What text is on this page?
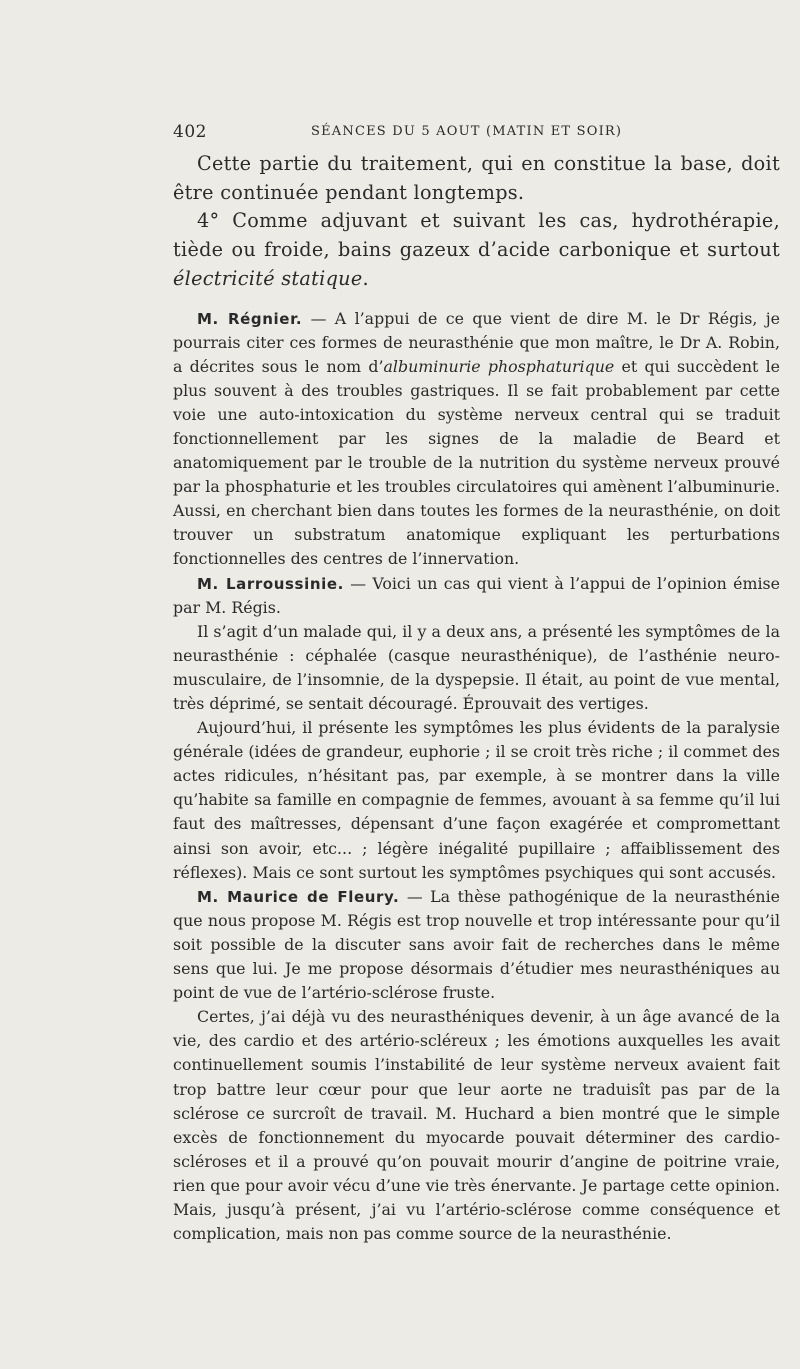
402	SÉANCES DU 5 AOUT (MATIN ET SOIR)

Cette partie du traitement, qui en constitue la base, doit être continuée pendant longtemps.

4° Comme adjuvant et suivant les cas, hydrothérapie, tiède ou froide, bains gazeux d’acide carbonique et surtout électricité statique.

M. Régnier. — A l’appui de ce que vient de dire M. le Dr Régis, je pourrais citer ces formes de neurasthénie que mon maître, le Dr A. Robin, a décrites sous le nom d’albuminurie phosphaturique et qui succèdent le plus souvent à des troubles gastriques. Il se fait probablement par cette voie une auto-intoxication du système nerveux central qui se traduit fonctionnellement par les signes de la maladie de Beard et anatomiquement par le trouble de la nutrition du système nerveux prouvé par la phosphaturie et les troubles circulatoires qui amènent l’albuminurie. Aussi, en cherchant bien dans toutes les formes de la neurasthénie, on doit trouver un substratum anatomique expliquant les perturbations fonctionnelles des centres de l’innervation.

M. Larroussinie. — Voici un cas qui vient à l’appui de l’opinion émise par M. Régis.

Il s’agit d’un malade qui, il y a deux ans, a présenté les symptômes de la neurasthénie : céphalée (casque neurasthénique), de l’asthénie neuro-musculaire, de l’insomnie, de la dyspepsie. Il était, au point de vue mental, très déprimé, se sentait découragé. Éprouvait des vertiges.

Aujourd’hui, il présente les symptômes les plus évidents de la paralysie générale (idées de grandeur, euphorie ; il se croit très riche ; il commet des actes ridicules, n’hésitant pas, par exemple, à se montrer dans la ville qu’habite sa famille en compagnie de femmes, avouant à sa femme qu’il lui faut des maîtresses, dépensant d’une façon exagérée et compromettant ainsi son avoir, etc... ; légère inégalité pupillaire ; affaiblissement des réflexes). Mais ce sont surtout les symptômes psychiques qui sont accusés.

M. Maurice de Fleury. — La thèse pathogénique de la neurasthénie que nous propose M. Régis est trop nouvelle et trop intéressante pour qu’il soit possible de la discuter sans avoir fait de recherches dans le même sens que lui. Je me propose désormais d’étudier mes neurasthéniques au point de vue de l’artério-sclérose fruste.

Certes, j’ai déjà vu des neurasthéniques devenir, à un âge avancé de la vie, des cardio et des artério-scléreux ; les émotions auxquelles les avait continuellement soumis l’instabilité de leur système nerveux avaient fait trop battre leur cœur pour que leur aorte ne traduisît pas par de la sclérose ce surcroît de travail. M. Huchard a bien montré que le simple excès de fonctionnement du myocarde pouvait déterminer des cardio-scléroses et il a prouvé qu’on pouvait mourir d’angine de poitrine vraie, rien que pour avoir vécu d’une vie très énervante. Je partage cette opinion. Mais, jusqu’à présent, j’ai vu l’artério-sclérose comme conséquence et complication, mais non pas comme source de la neurasthénie.
